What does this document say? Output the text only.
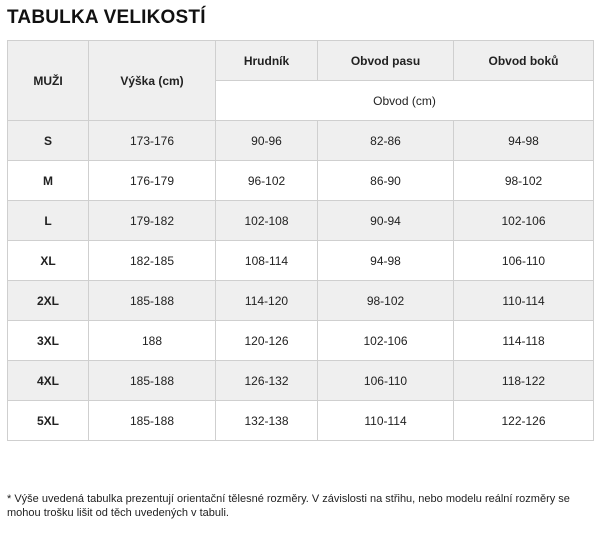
TABULKA VELIKOSTÍ
MUŽI	Výška (cm)	Hrudník	Obvod pasu	Obvod boků
		Obvod (cm)		
S	173-176	90-96	82-86	94-98
M	176-179	96-102	86-90	98-102
L	179-182	102-108	90-94	102-106
XL	182-185	108-114	94-98	106-110
2XL	185-188	114-120	98-102	110-114
3XL	188	120-126	102-106	114-118
4XL	185-188	126-132	106-110	118-122
5XL	185-188	132-138	110-114	122-126
* Výše uvedená tabulka prezentují orientační tělesné rozměry. V závislosti na střihu, nebo modelu reální rozměry se mohou trošku lišit od těch uvedených v tabuli.
